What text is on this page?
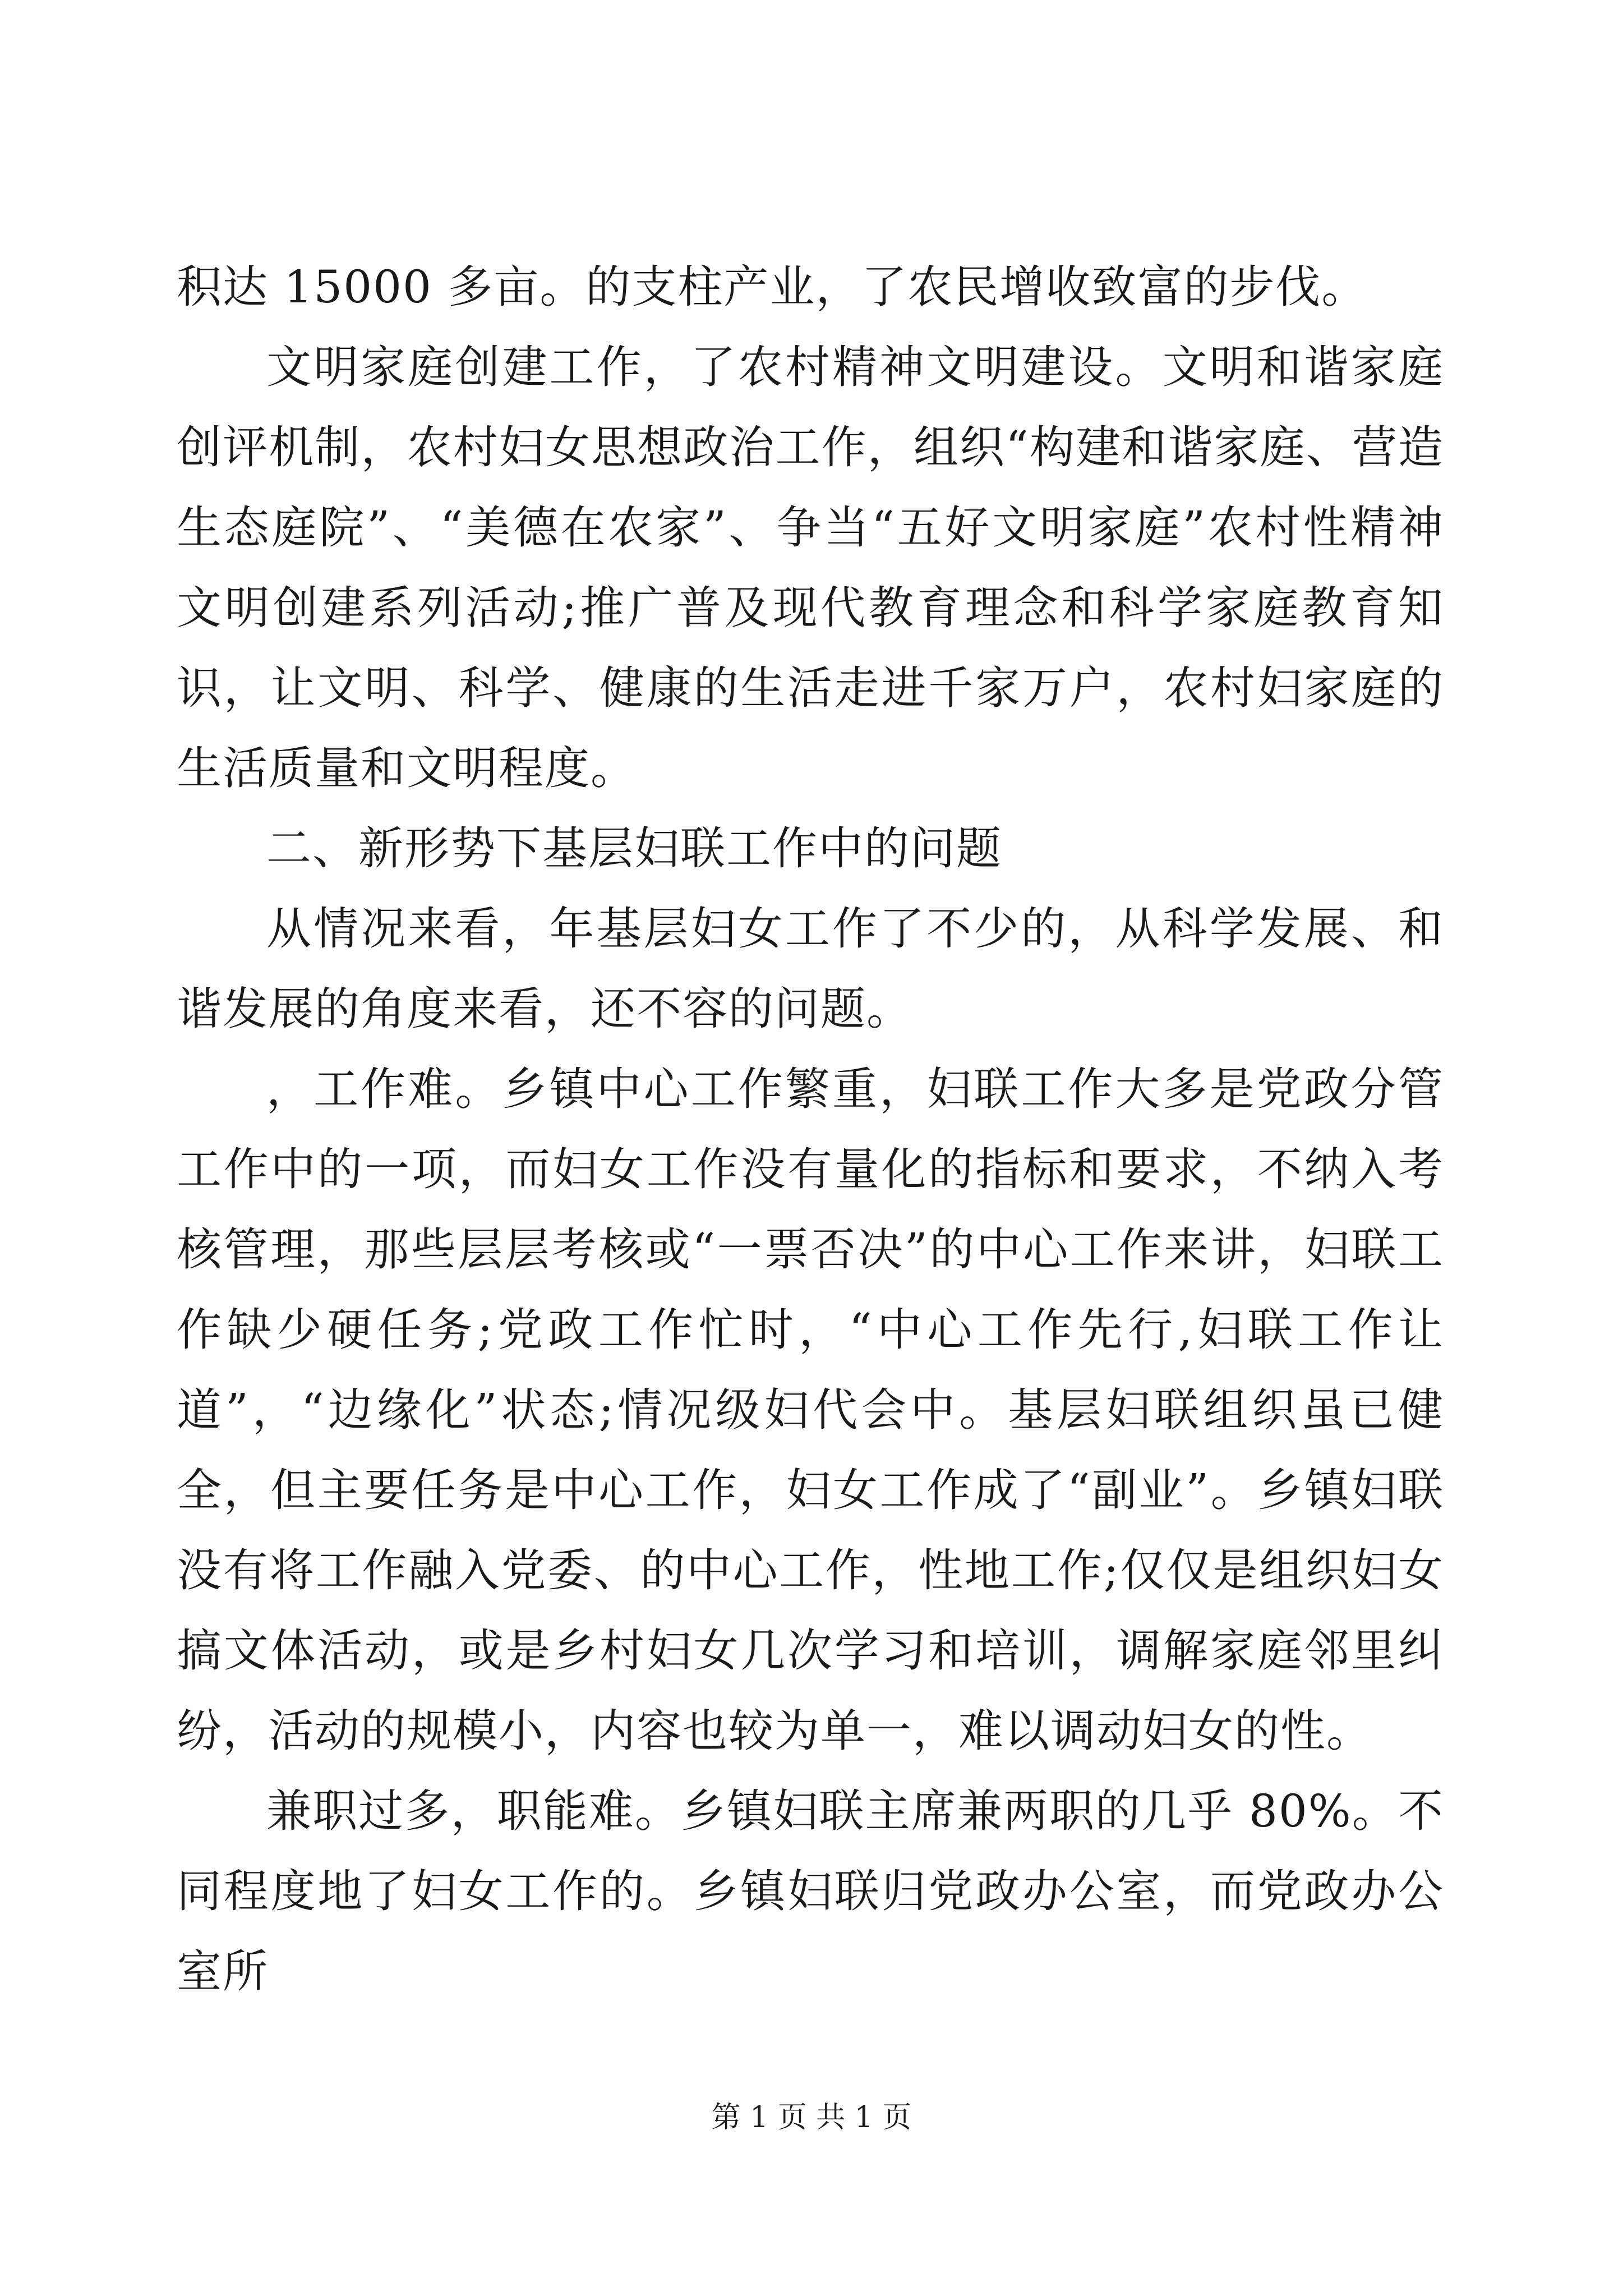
积达 15000 多亩。的支柱产业，了农民增收致富的步伐。

文明家庭创建工作，了农村精神文明建设。文明和谐家庭创评机制，农村妇女思想政治工作，组织“构建和谐家庭、营造生态庭院”、“美德在农家”、争当“五好文明家庭”农村性精神文明创建系列活动;推广普及现代教育理念和科学家庭教育知识，让文明、科学、健康的生活走进千家万户，农村妇家庭的生活质量和文明程度。

二、新形势下基层妇联工作中的问题

从情况来看，年基层妇女工作了不少的，从科学发展、和谐发展的角度来看，还不容的问题。

，工作难。乡镇中心工作繁重，妇联工作大多是党政分管工作中的一项，而妇女工作没有量化的指标和要求，不纳入考核管理，那些层层考核或“一票否决”的中心工作来讲，妇联工作缺少硬任务;党政工作忙时，“中心工作先行,妇联工作让道”，“边缘化”状态;情况级妇代会中。基层妇联组织虽已健全，但主要任务是中心工作，妇女工作成了“副业”。乡镇妇联没有将工作融入党委、的中心工作，性地工作;仅仅是组织妇女搞文体活动，或是乡村妇女几次学习和培训，调解家庭邻里纠纷，活动的规模小，内容也较为单一，难以调动妇女的性。

兼职过多，职能难。乡镇妇联主席兼两职的几乎 80%。不同程度地了妇女工作的。乡镇妇联归党政办公室，而党政办公室所

第 1 页 共 1 页
